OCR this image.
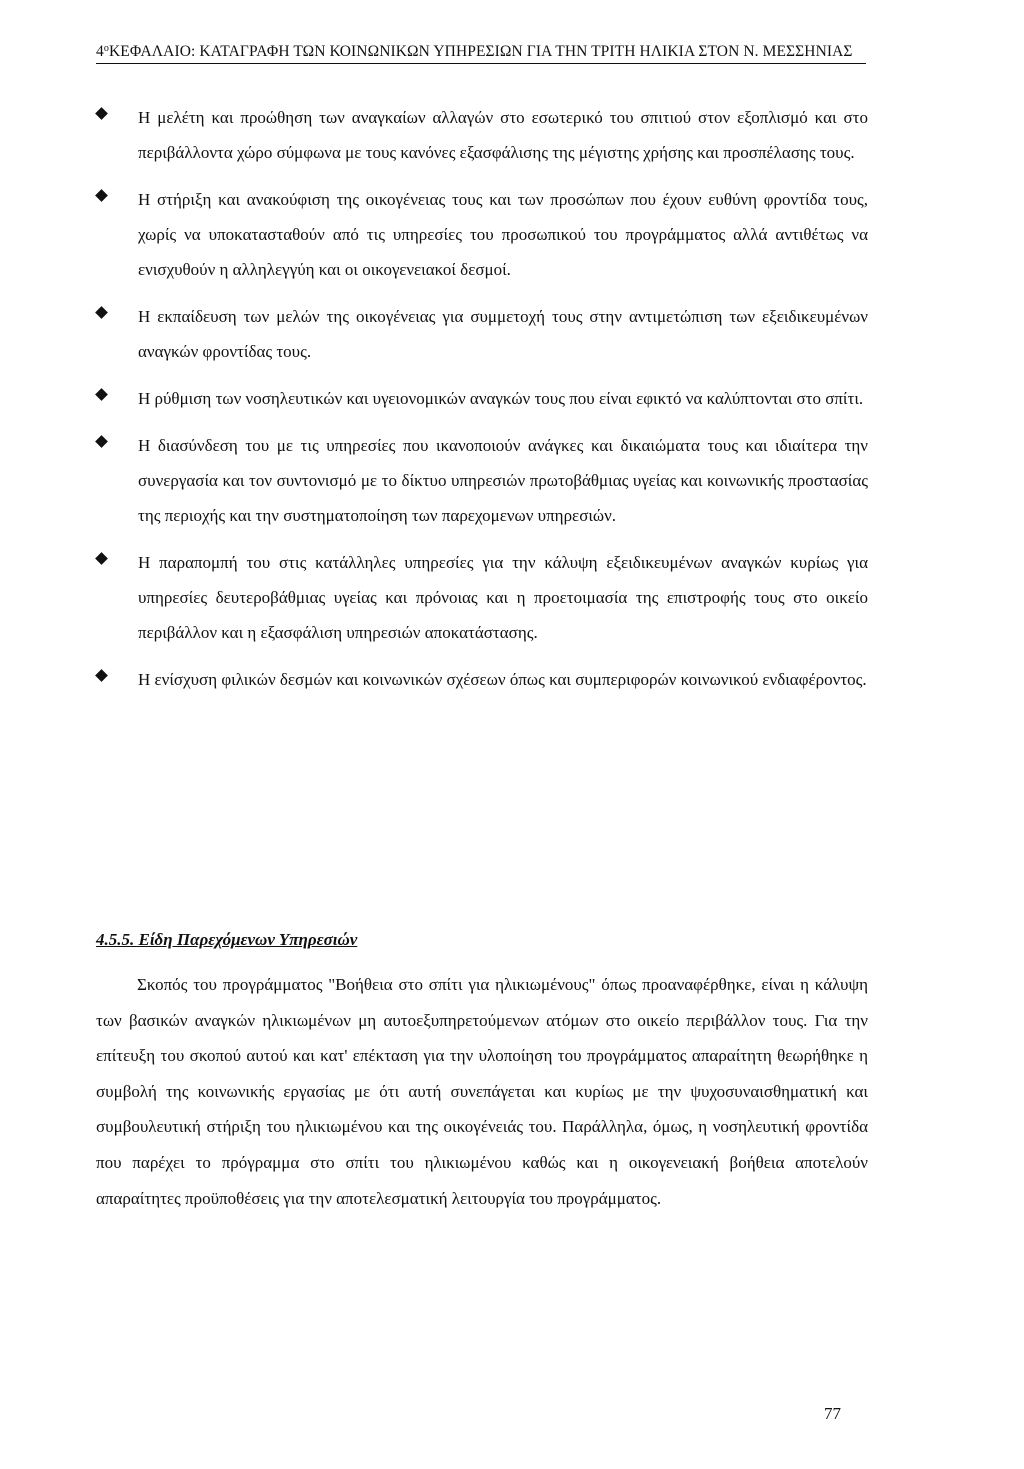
$4^oKE\Phi A\Lambda AIO$: ΚΑΤΑΓΡΑΦΗ ΤΩΝ ΚΟΙΝΩΝΙΚΩΝ ΥΠΗΡΕΣΙΩΝ ΓΙΑ ΤΗΝ ΤΡΙΤΗ ΗΛΙΚΙΑ ΣΤΟΝ Ν. ΜΕΣΣΗΝΙΑΣ

Η μελέτη και προώθηση των αναγκαίων αλλαγών στο εσωτερικό του σπιτιού στον εξοπλισμό και στο περιβάλλοντα χώρο σύμφωνα με τους κανόνες εξασφάλισης της μέγιστης χρήσης και προσπέλασης τους.

Η στήριξη και ανακούφιση της οικογένειας τους και των προσώπων που έχουν ευθύνη φροντίδα τους, χωρίς να υποκατασταθούν από τις υπηρεσίες του προσωπικού του προγράμματος αλλά αντιθέτως να ενισχυθούν η αλληλεγγύη και οι οικογενειακοί δεσμοί.

Η εκπαίδευση των μελών της οικογένειας για συμμετοχή τους στην αντιμετώπιση των εξειδικευμένων αναγκών φροντίδας τους.

Η ρύθμιση των νοσηλευτικών και υγειονομικών αναγκών τους που είναι εφικτό να καλύπτονται στο σπίτι.

Η διασύνδεση του με τις υπηρεσίες που ικανοποιούν ανάγκες και δικαιώματα τους και ιδιαίτερα την συνεργασία και τον συντονισμό με το δίκτυο υπηρεσιών πρωτοβάθμιας υγείας και κοινωνικής προστασίας της περιοχής και την συστηματοποίηση των παρεχομενων υπηρεσιών.

Η παραπομπή του στις κατάλληλες υπηρεσίες για την κάλυψη εξειδικευμένων αναγκών κυρίως για υπηρεσίες δευτεροβάθμιας υγείας και πρόνοιας και η προετοιμασία της επιστροφής τους στο οικείο περιβάλλον και η εξασφάλιση υπηρεσιών αποκατάστασης.

Η ενίσχυση φιλικών δεσμών και κοινωνικών σχέσεων όπως και συμπεριφορών κοινωνικού ενδιαφέροντος.

4.5.5. Είδη Παρεχόμενων Υπηρεσιών

Σκοπός του προγράμματος "Βοήθεια στο σπίτι για ηλικιωμένους" όπως προαναφέρθηκε, είναι η κάλυψη των βασικών αναγκών ηλικιωμένων μη αυτοεξυπηρετούμενων ατόμων στο οικείο περιβάλλον τους. Για την επίτευξη του σκοπού αυτού και κατ' επέκταση για την υλοποίηση του προγράμματος απαραίτητη θεωρήθηκε η συμβολή της κοινωνικής εργασίας με ότι αυτή συνεπάγεται και κυρίως με την ψυχοσυναισθηματική και συμβουλευτική στήριξη του ηλικιωμένου και της οικογένειάς του. Παράλληλα, όμως, η νοσηλευτική φροντίδα που παρέχει το πρόγραμμα στο σπίτι του ηλικιωμένου καθώς και η οικογενειακή βοήθεια αποτελούν απαραίτητες προϋποθέσεις για την αποτελεσματική λειτουργία του προγράμματος.

77
